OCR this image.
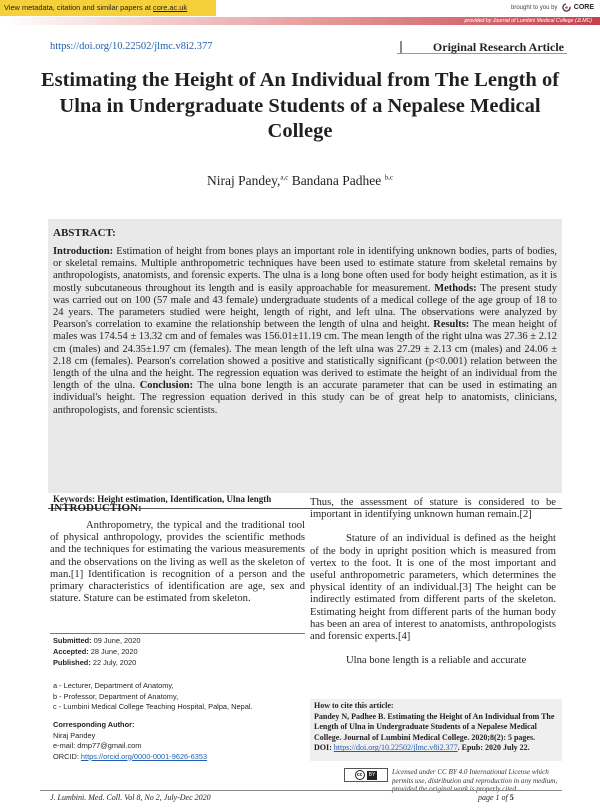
View metadata, citation and similar papers at core.ac.uk	brought to you by CORE
provided by Journal of Lumbini Medical College (JLMC)
https://doi.org/10.22502/jlmc.v8i2.377	Original Research Article
Estimating the Height of An Individual from The Length of Ulna in Undergraduate Students of a Nepalese Medical College
Niraj Pandey,$^{a,c}$ Bandana Padhee $^{b,c}$
ABSTRACT:
Introduction: Estimation of height from bones plays an important role in identifying unknown bodies, parts of bodies, or skeletal remains. Multiple anthropometric techniques have been used to estimate stature from skeletal remains by anthropologists, anatomists, and forensic experts. The ulna is a long bone often used for body height estimation, as it is mostly subcutaneous throughout its length and is easily approachable for measurement. Methods: The present study was carried out on 100 (57 male and 43 female) undergraduate students of a medical college of the age group of 18 to 24 years. The parameters studied were height, length of right, and left ulna. The observations were analyzed by Pearson's correlation to examine the relationship between the length of ulna and height. Results: The mean height of males was 174.54 ± 13.32 cm and of females was 156.01±11.19 cm. The mean length of the right ulna was 27.36 ± 2.12 cm (males) and 24.35±1.97 cm (females). The mean length of the left ulna was 27.29 ± 2.13 cm (males) and 24.06 ± 2.18 cm (females). Pearson's correlation showed a positive and statistically significant (p<0.001) relation between the length of the ulna and the height. The regression equation was derived to estimate the height of an individual from the length of the ulna. Conclusion: The ulna bone length is an accurate parameter that can be used in estimating an individual's height. The regression equation derived in this study can be of great help to anatomists, clinicians, anthropologists, and forensic scientists.
Keywords: Height estimation, Identification, Ulna length
INTRODUCTION:

Anthropometry, the typical and the traditional tool of physical anthropology, provides the scientific methods and the techniques for estimating the various measurements and the observations on the living as well as the skeleton of man.[1] Identification is recognition of a person and the primary characteristics of identification are age, sex and stature. Stature can be estimated from skeleton.

Thus, the assessment of stature is considered to be important in identifying unknown human remain.[2]

Stature of an individual is defined as the height of the body in upright position which is measured from vertex to the foot. It is one of the most important and useful anthropometric parameters, which determines the physical identity of an individual.[3] The height can be indirectly estimated from different parts of the skeleton. Estimating height from different parts of the human body has been an area of interest to anatomists, anthropologists and forensic experts.[4]

Ulna bone length is a reliable and accurate

Submitted: 09 June, 2020
Accepted: 28 June, 2020
Published: 22 July, 2020
a - Lecturer, Department of Anatomy,
b - Professor, Department of Anatomy,
c - Lumbini Medical College Teaching Hospital, Palpa, Nepal.
Corresponding Author:
Niraj Pandey
e-mail: drnp77@gmail.com
ORCID: https://orcid.org/0000-0001-9626-6353
How to cite this article:
Pandey N, Padhee B. Estimating the Height of An Individual from The Length of Ulna in Undergraduate Students of a Nepalese Medical College. Journal of Lumbini Medical College. 2020;8(2): 5 pages.
DOI: https://doi.org/10.22502/jlmc.v8i2.377. Epub: 2020 July 22.
cc	BY Licensed under CC BY 4.0 International License which permits use, distribution and reproduction in any medium,
J. Lumbini. Med. Coll. Vol 8, No 2, July-Dec 2020	page 1 of 5
